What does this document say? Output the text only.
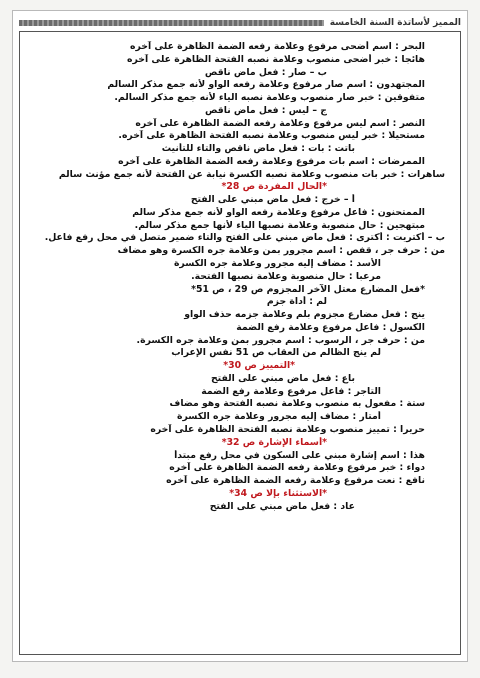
المميز لأساتذة السنة الخامسة
البحر : اسم أضحى مرفوع وعلامة رفعه الضمة الظاهرة على آخره
هائجا : خبر أضحى منصوب وعلامة نصبه الفتحة الظاهرة على آخره
ب – صار : فعل ماض ناقص
المجتهدون : اسم صار مرفوع وعلامة رفعه الواو لأنه جمع مذكر السالم
متفوقين : خبر صار منصوب وعلامة نصبه الياء لأنه جمع مذكر السالم.
ج – ليس : فعل ماض ناقص
النصر : اسم ليس مرفوع وعلامة رفعه الضمة الظاهرة على آخره
مستحيلا : خبر ليس منصوب وعلامة نصبه الفتحة الظاهرة على آخره.
باتت : بات : فعل ماض ناقص والتاء للتأنيث
الممرضات : اسم بات مرفوع وعلامة رفعه الضمة الظاهرة على آخره
ساهرات : خبر بات منصوب وعلامة نصبه الكسرة نيابة عن الفتحة لأنه جمع مؤنث سالم
*الحال المفردة ص 28*
أ – خرج : فعل ماض مبني على الفتح
الممتحنون : فاعل مرفوع وعلامة رفعه الواو لأنه جمع مذكر سالم
مبتهجين : حال منصوبة وعلامة نصبها الياء لأنها جمع مذكر سالم.
ب – أكتريت : أكترى : فعل ماض مبني على الفتح والتاء ضمير متصل في محل رفع فاعل.
من : حرف جر ، قفص : اسم مجرور بمن وعلامة جره الكسرة وهو مضاف
الأسد : مضاف إليه مجرور وعلامة جره الكسرة
مرعبا : حال منصوبة وعلامة نصبها الفتحة.
*فعل المضارع معتل الآخر المجزوم ص 29 ، ص 51*
لم : أداة جزم
ينج : فعل مضارع مجزوم بلم وعلامة جزمه حذف الواو
الكسول : فاعل مرفوع وعلامة رفع الضمة
من : حرف جر ، الرسوب : اسم مجرور بمن وعلامة جره الكسرة.
لم ينج الظالم من العقاب ص 51 نفس الإعراب
*التمييز ص 30*
باع : فعل ماض مبني على الفتح
التاجر : فاعل مرفوع وعلامة رفع الضمة
ستة : مفعول به منصوب وعلامة نصبه الفتحة وهو مضاف
أمتار : مضاف إليه مجرور وعلامة جره الكسرة
حريرا : تمييز منصوب وعلامة نصبه الفتحة الظاهرة على آخره
*أسماء الإشارة ص 32*
هذا : اسم إشارة مبني على السكون في محل رفع مبتدأ
دواء : خبر مرفوع وعلامة رفعه الضمة الظاهرة على آخره
نافع : نعت مرفوع وعلامة رفعه الضمة الظاهرة على آخره
*الاستثناء بإلا ص 34*
عاد : فعل ماض مبني على الفتح
